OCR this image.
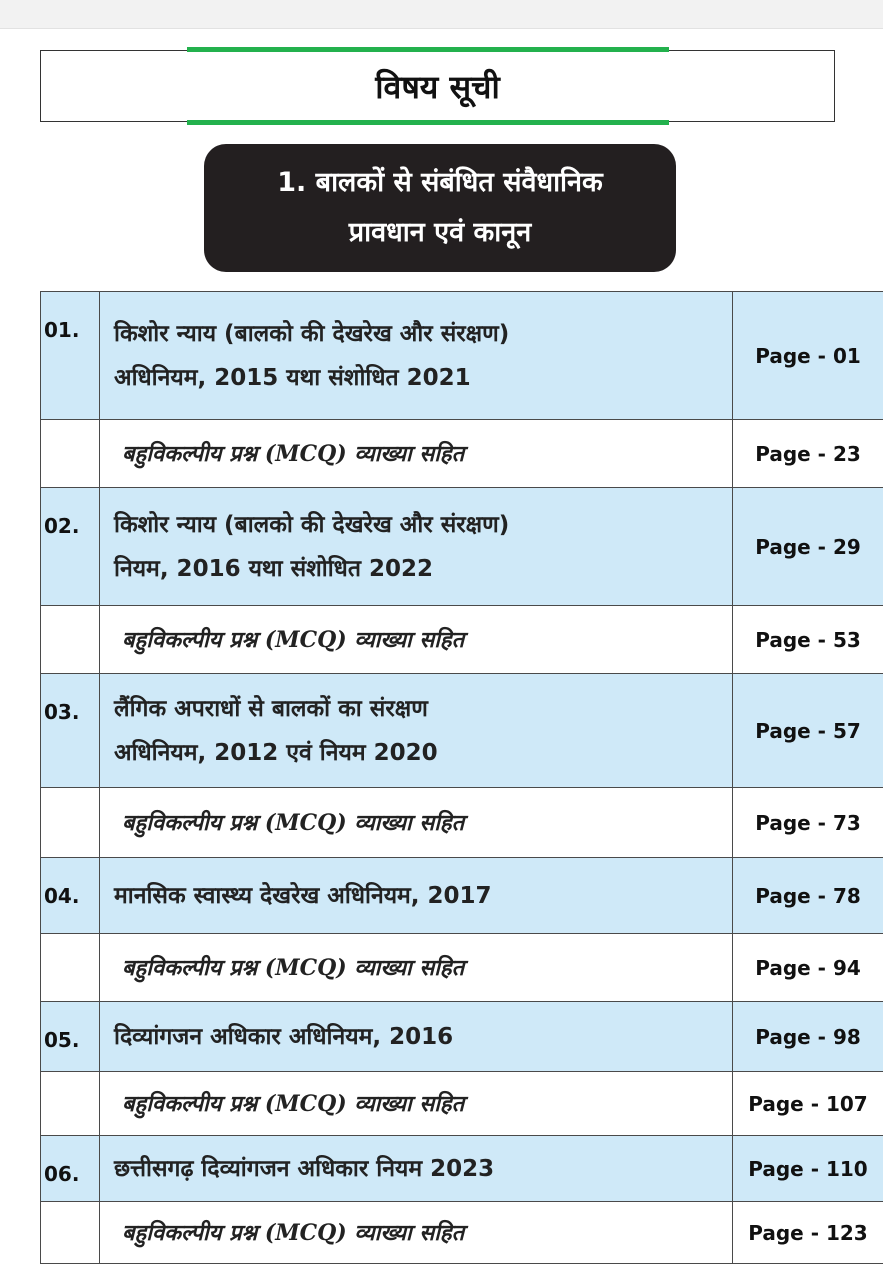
विषय सूची
1. बालकों से संबंधित संवैधानिक
प्रावधान एवं कानून
01.	किशोर न्याय (बालको की देखरेख और संरक्षण)
अधिनियम, 2015 यथा संशोधित 2021	Page - 01

	बहुविकल्पीय प्रश्न (MCQ) व्याख्या सहित	Page - 23
02.	किशोर न्याय (बालको की देखरेख और संरक्षण)
नियम, 2016 यथा संशोधित 2022	Page - 29

	बहुविकल्पीय प्रश्न (MCQ) व्याख्या सहित	Page - 53
03.	लैंगिक अपराधों से बालकों का संरक्षण
अधिनियम, 2012 एवं नियम 2020	Page - 57

	बहुविकल्पीय प्रश्न (MCQ) व्याख्या सहित	Page - 73
04.	मानसिक स्वास्थ्य देखरेख अधिनियम, 2017	Page - 78

	बहुविकल्पीय प्रश्न (MCQ) व्याख्या सहित	Page - 94
05.	दिव्यांगजन अधिकार अधिनियम, 2016	Page - 98

	बहुविकल्पीय प्रश्न (MCQ) व्याख्या सहित	Page - 107
06.	छत्तीसगढ़ दिव्यांगजन अधिकार नियम 2023	Page - 110

	बहुविकल्पीय प्रश्न (MCQ) व्याख्या सहित	Page - 123
